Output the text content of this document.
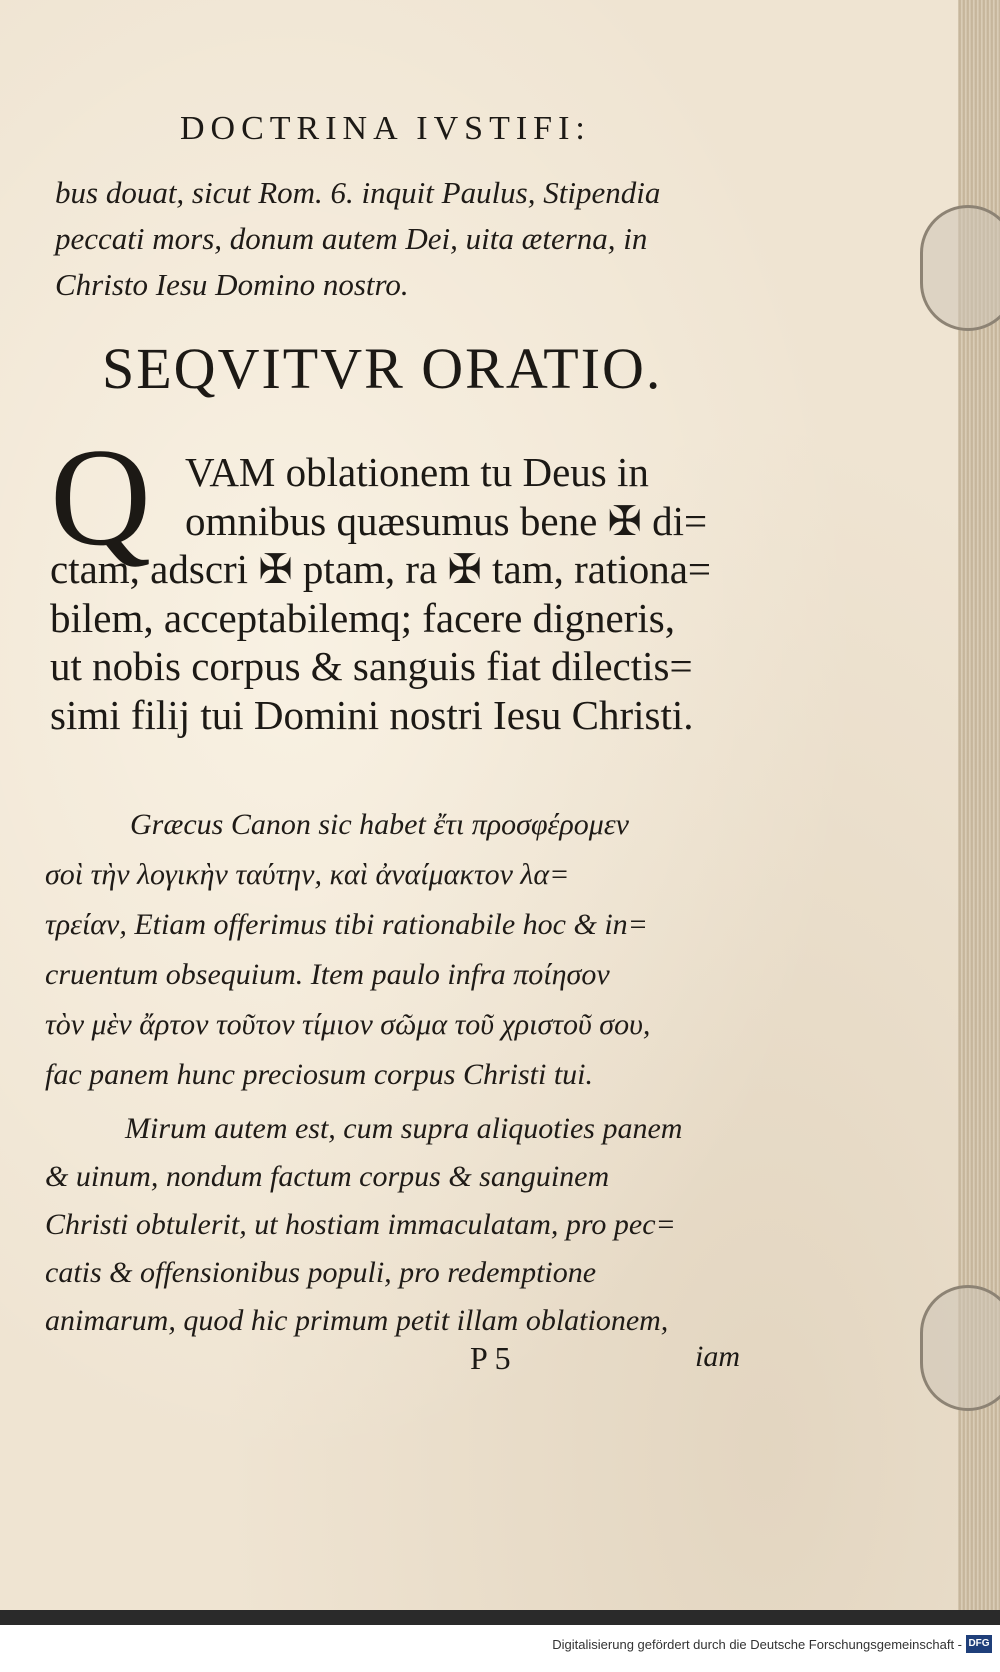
DOCTRINA IVSTIFI:
bus douat, sicut Rom. 6. inquit Paulus, Stipendia
peccati mors, donum autem Dei, uita æterna, in
Christo Iesu Domino nostro.
SEQVITVR ORATIO.
Q VAM oblationem tu Deus in
omnibus quæsumus bene ✠ di=
ctam, adscri ✠ ptam, ra ✠ tam, rationa=
bilem, acceptabilemq; facere digneris,
ut nobis corpus & sanguis fiat dilectis=
simi filij tui Domini nostri Iesu Christi.
Græcus Canon sic habet ἔτι προσφέρομεν
σοὶ τὴν λογικὴν ταύτην, καὶ ἀναίμακτον λα=
τρείαν, Etiam offerimus tibi rationabile hoc & in=
cruentum obsequium. Item paulo infra ποίησον
τὸν μὲν ἄρτον τοῦτον τίμιον σῶμα τοῦ χριστοῦ σου,
fac panem hunc preciosum corpus Christi tui.
Mirum autem est, cum supra aliquoties panem
& uinum, nondum factum corpus & sanguinem
Christi obtulerit, ut hostiam immaculatam, pro pec=
catis & offensionibus populi, pro redemptione
animarum, quod hic primum petit illam oblationem,
P 5	iam
Digitalisierung gefördert durch die Deutsche Forschungsgemeinschaft - DFG
